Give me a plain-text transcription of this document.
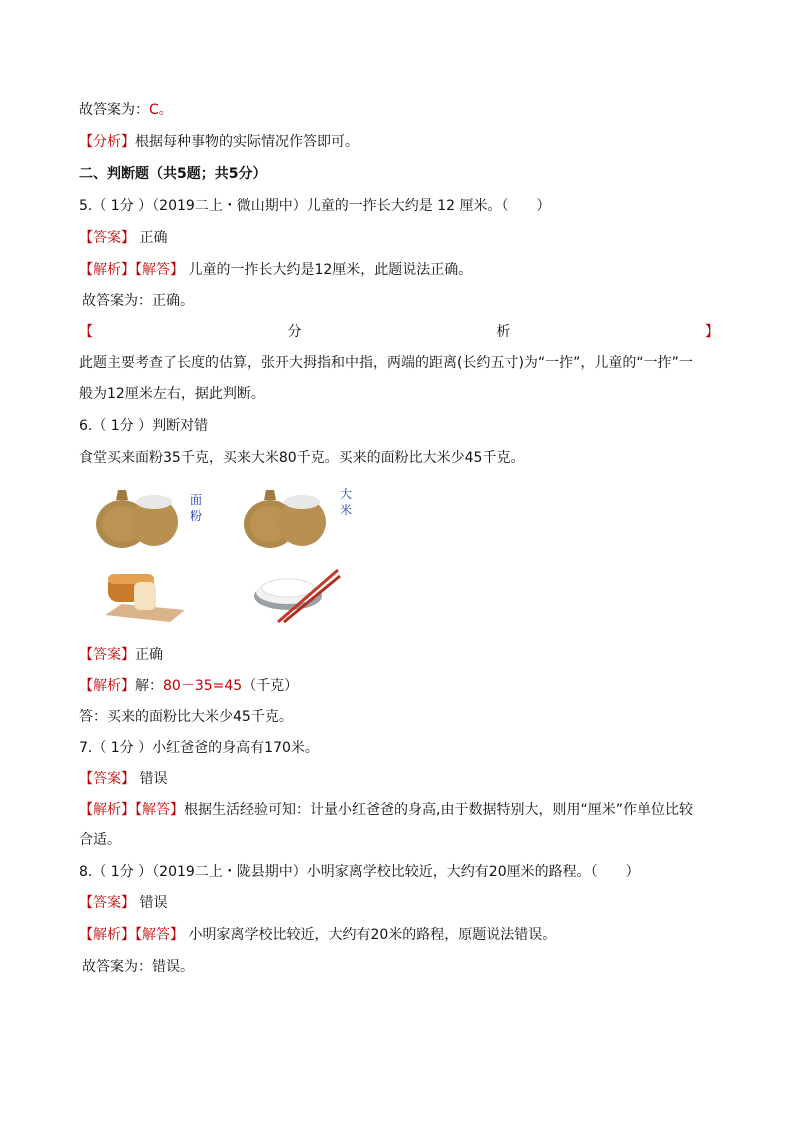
故答案为：C。
【分析】根据每种事物的实际情况作答即可。
二、判断题（共5题；共5分）
5.（ 1分 ）（2019二上・微山期中）儿童的一拃长大约是 12 厘米。（　　）
【答案】 正确
【解析】【解答】 儿童的一拃长大约是12厘米，此题说法正确。
故答案为：正确。
【	分	析	】
此题主要考查了长度的估算，张开大拇指和中指，两端的距离(长约五寸)为“一拃”，儿童的“一拃”一
般为12厘米左右，据此判断。
6.（ 1分 ）判断对错
食堂买来面粉35千克，买来大米80千克。买来的面粉比大米少45千克。
面
粉
大
米
【答案】正确
【解析】解：80－35=45（千克）
答：买来的面粉比大米少45千克。
7.（ 1分 ）小红爸爸的身高有170米。
【答案】 错误
【解析】【解答】根据生活经验可知：计量小红爸爸的身高,由于数据特别大，则用“厘米”作单位比较
合适。
8.（ 1分 ）（2019二上・陇县期中）小明家离学校比较近，大约有20厘米的路程。（　　）
【答案】 错误
【解析】【解答】 小明家离学校比较近，大约有20米的路程，原题说法错误。
故答案为：错误。
